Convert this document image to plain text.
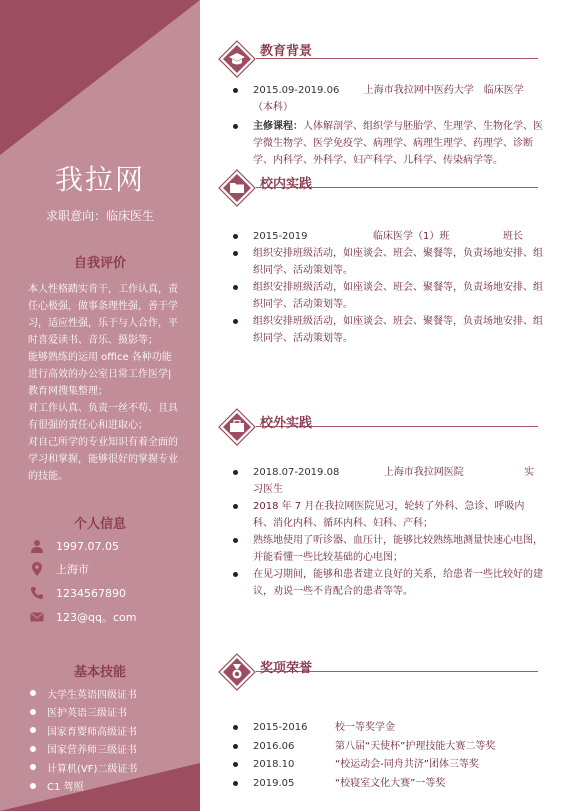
我拉网
求职意向：临床医生
自我评价

本人性格踏实肯干，工作认真，责任心极强，做事条理性强，善于学习，适应性强，乐于与人合作，平时喜爱读书、音乐、摄影等；

能够熟练的运用 office 各种功能进行高效的办公室日常工作医学|教育网搜集整理；

对工作认真、负责一丝不苟、且具有很强的责任心和进取心；

对自己所学的专业知识有着全面的学习和掌握，能够很好的掌握专业的技能。

个人信息
1997.07.05
上海市
1234567890
123@qq。com
基本技能
大学生英语四级证书
医护英语三级证书
国家育婴师高级证书
国家营养师三级证书
计算机(VF)二级证书
C1 驾照
教育背景
2015.09-2019.06 上海市我拉网中医药大学　临床医学（本科）
主修课程：人体解剖学、组织学与胚胎学、生理学、生物化学、医学微生物学、医学免疫学、病理学、病理生理学、药理学、诊断学、内科学、外科学、妇产科学、儿科学、传染病学等。
校内实践
2015-2019	临床医学（1）班	班长
组织安排班级活动，如座谈会、班会、聚餐等，负责场地安排、组织同学、活动策划等。
组织安排班级活动，如座谈会、班会、聚餐等，负责场地安排、组织同学、活动策划等。
组织安排班级活动，如座谈会、班会、聚餐等，负责场地安排、组织同学、活动策划等。
校外实践
2018.07-2019.08	上海市我拉网医院	实习医生
2018 年 7 月在我拉网医院见习，轮转了外科、急诊、呼吸内科、消化内科、循环内科、妇科、产科；
熟练地使用了听诊器、血压计，能够比较熟练地测量快速心电图，并能看懂一些比较基础的心电图；
在见习期间，能够和患者建立良好的关系，给患者一些比较好的建议，劝说一些不肯配合的患者等等。
奖项荣誉
2015-2016	校一等奖学金
2016.06	第八届“天使杯”护理技能大赛二等奖
2018.10	“校运动会-同舟共济”团体三等奖
2019.05	“校寝室文化大赛”一等奖
